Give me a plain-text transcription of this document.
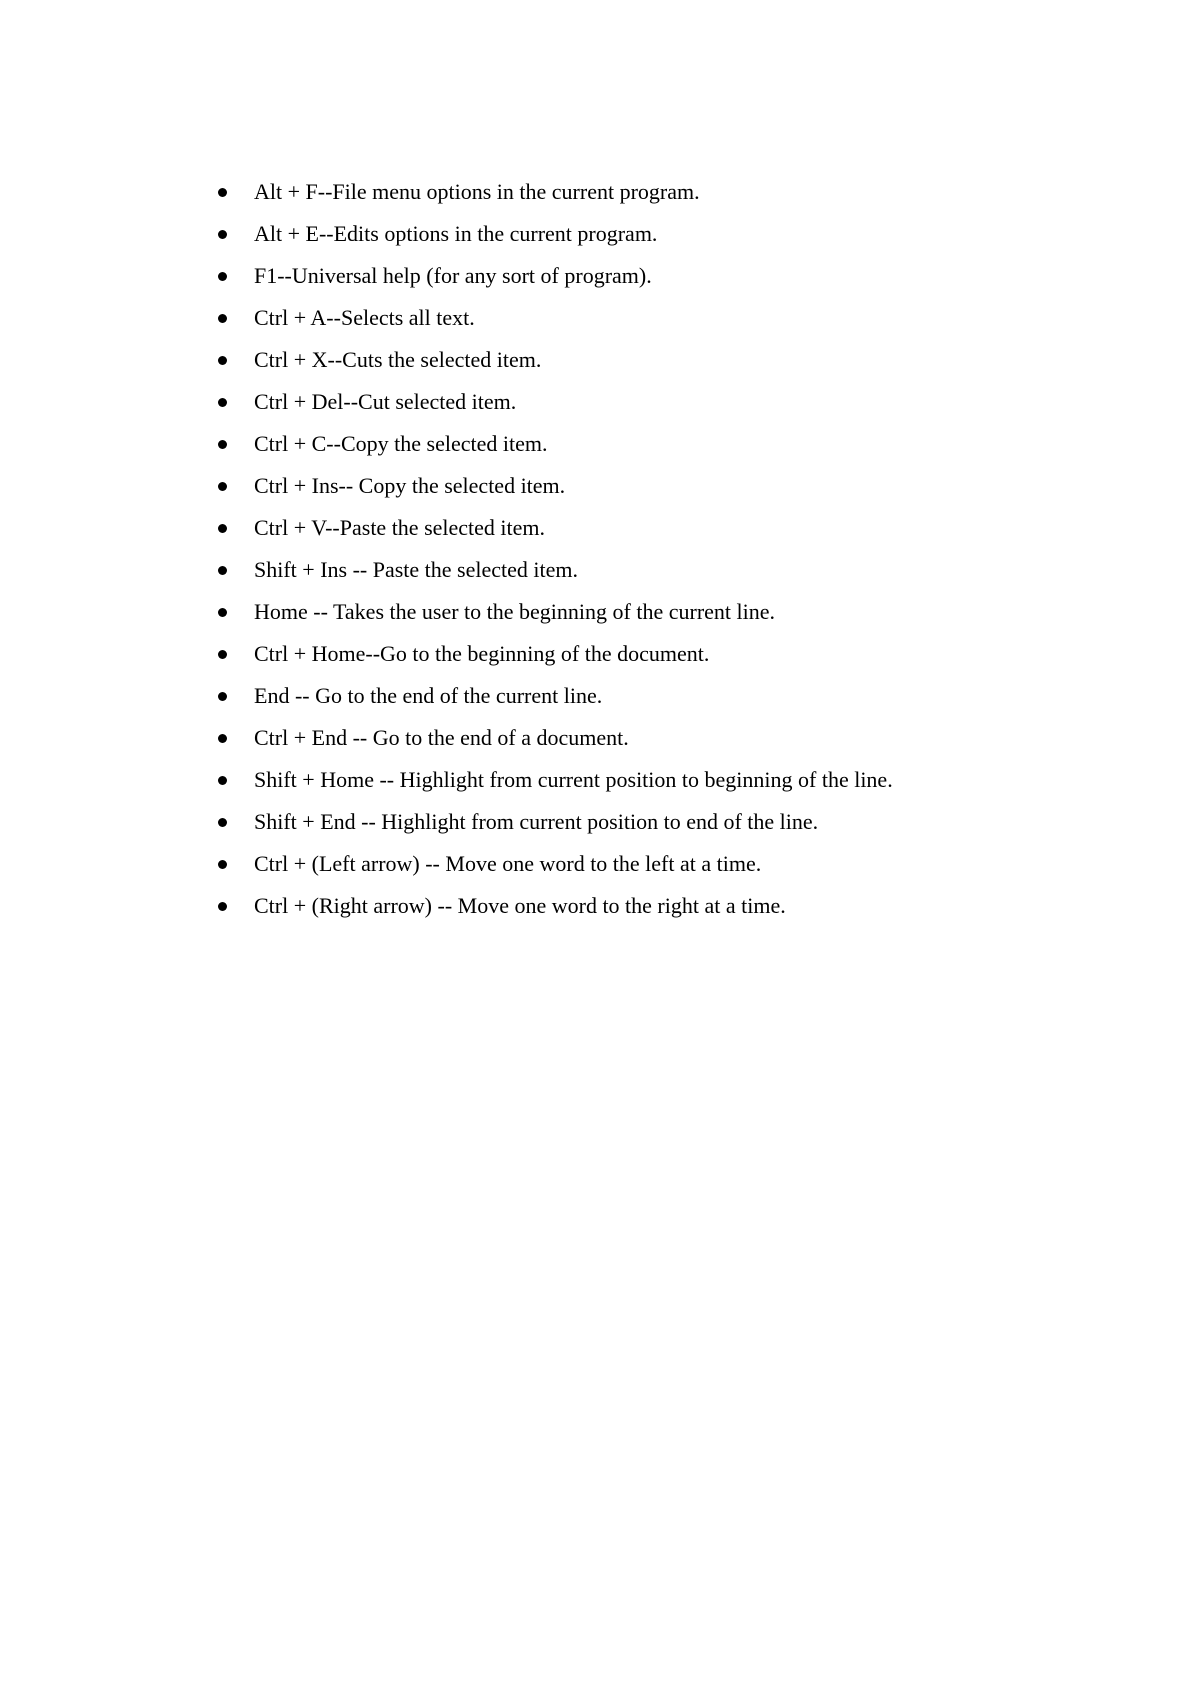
Alt + F--File menu options in the current program.
Alt + E--Edits options in the current program.
F1--Universal help (for any sort of program).
Ctrl + A--Selects all text.
Ctrl + X--Cuts the selected item.
Ctrl + Del--Cut selected item.
Ctrl + C--Copy the selected item.
Ctrl + Ins-- Copy the selected item.
Ctrl + V--Paste the selected item.
Shift + Ins -- Paste the selected item.
Home -- Takes the user to the beginning of the current line.
Ctrl + Home--Go to the beginning of the document.
End -- Go to the end of the current line.
Ctrl + End -- Go to the end of a document.
Shift + Home -- Highlight from current position to beginning of the line.
Shift + End -- Highlight from current position to end of the line.
Ctrl + (Left arrow) -- Move one word to the left at a time.
Ctrl + (Right arrow) -- Move one word to the right at a time.
